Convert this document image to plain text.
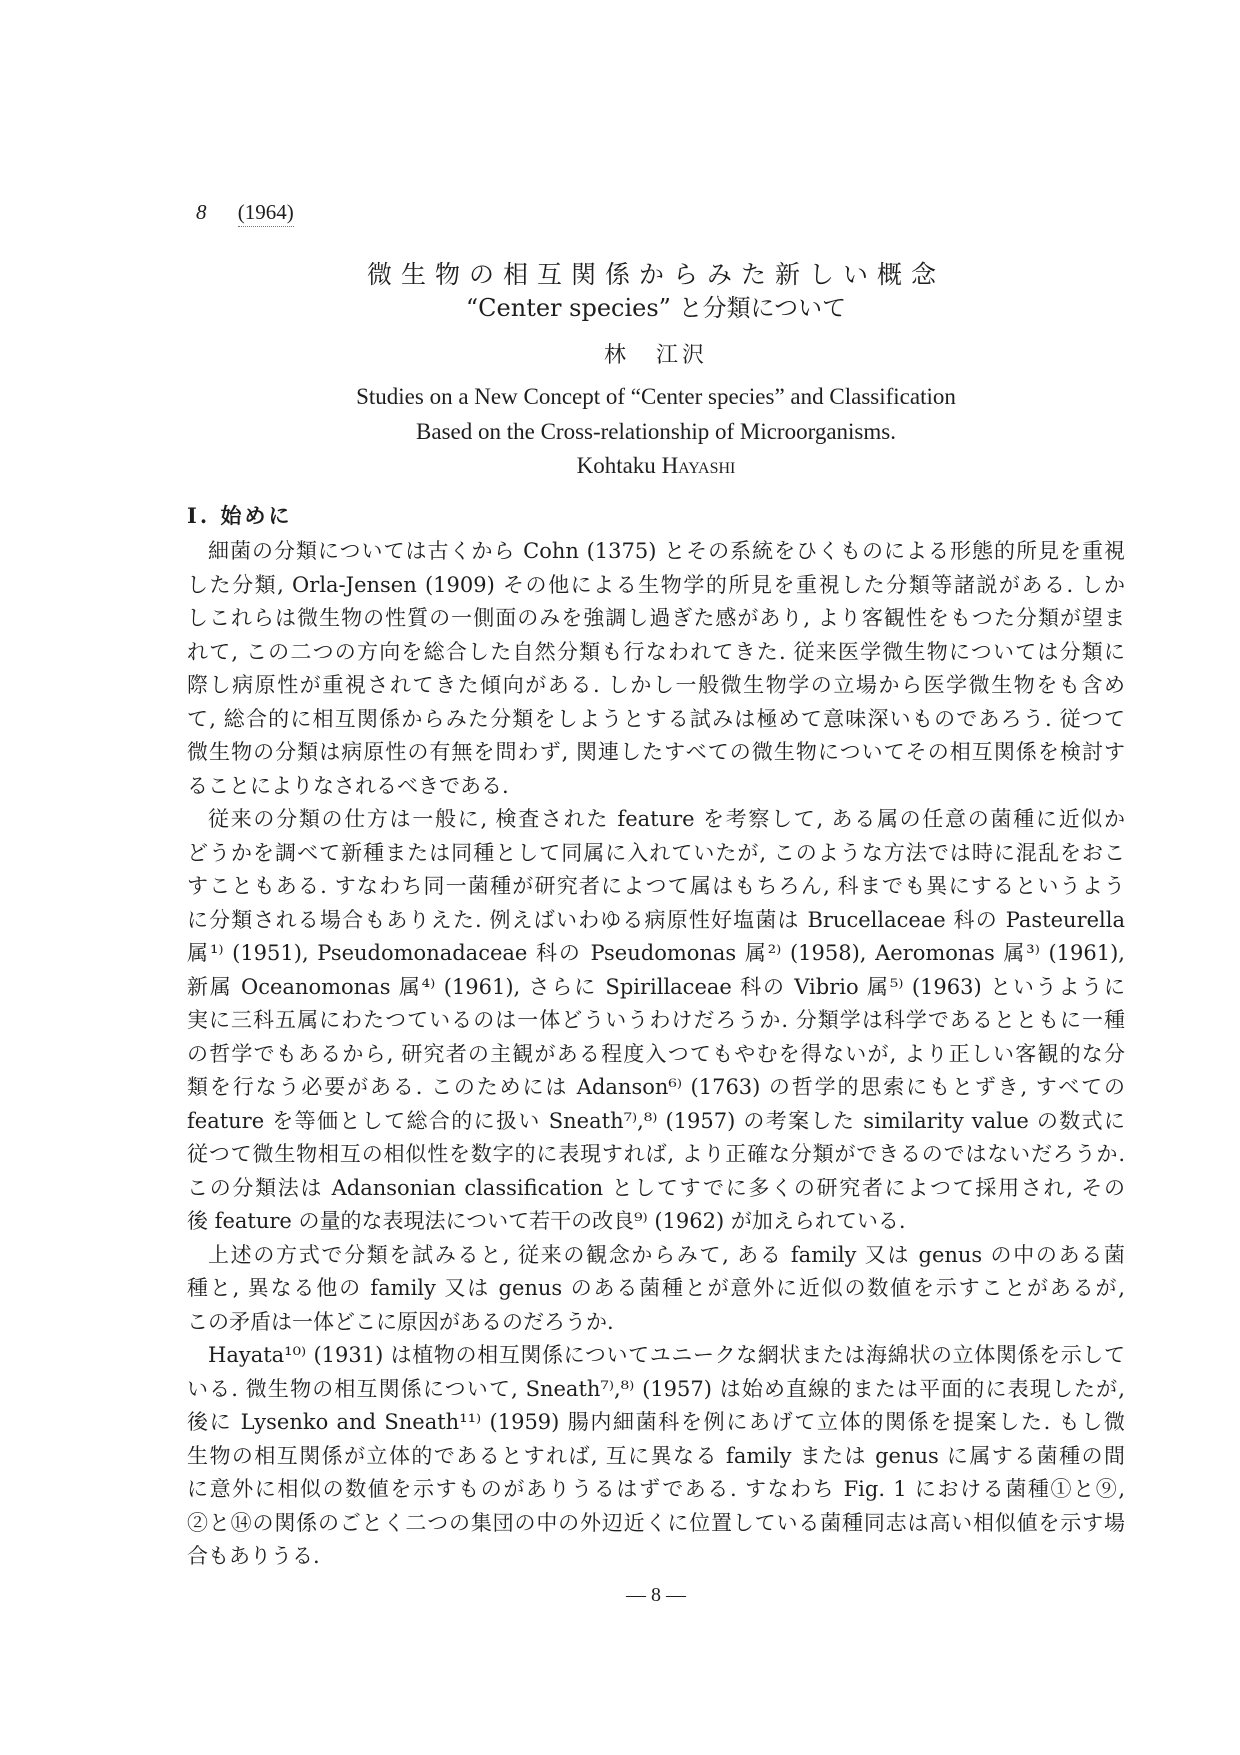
8 (1964)
微生物の相互関係からみた新しい概念
“Center species” と分類について
林　江沢
Studies on a New Concept of “Center species” and Classification
Based on the Cross-relationship of Microorganisms.
Kohtaku Hayashi
I. 始めに
細菌の分類については古くから Cohn (1375) とその系統をひくものによる形態的所見を重視
した分類, Orla-Jensen (1909) その他による生物学的所見を重視した分類等諸説がある. しか
しこれらは微生物の性質の一側面のみを強調し過ぎた感があり, より客観性をもつた分類が望ま
れて, この二つの方向を総合した自然分類も行なわれてきた. 従来医学微生物については分類に
際し病原性が重視されてきた傾向がある. しかし一般微生物学の立場から医学微生物をも含め
て, 総合的に相互関係からみた分類をしようとする試みは極めて意味深いものであろう. 従つて
微生物の分類は病原性の有無を問わず, 関連したすべての微生物についてその相互関係を検討す
ることによりなされるべきである.
従来の分類の仕方は一般に, 検査された feature を考察して, ある属の任意の菌種に近似か
どうかを調べて新種または同種として同属に入れていたが, このような方法では時に混乱をおこ
すこともある. すなわち同一菌種が研究者によつて属はもちろん, 科までも異にするというよう
に分類される場合もありえた. 例えばいわゆる病原性好塩菌は Brucellaceae 科の Pasteurella
属¹⁾ (1951), Pseudomonadaceae 科の Pseudomonas 属²⁾ (1958), Aeromonas 属³⁾ (1961),
新属 Oceanomonas 属⁴⁾ (1961), さらに Spirillaceae 科の Vibrio 属⁵⁾ (1963) というように
実に三科五属にわたつているのは一体どういうわけだろうか. 分類学は科学であるとともに一種
の哲学でもあるから, 研究者の主観がある程度入つてもやむを得ないが, より正しい客観的な分
類を行なう必要がある. このためには Adanson⁶⁾ (1763) の哲学的思索にもとずき, すべての
feature を等価として総合的に扱い Sneath⁷⁾,⁸⁾ (1957) の考案した similarity value の数式に
従つて微生物相互の相似性を数字的に表現すれば, より正確な分類ができるのではないだろうか.
この分類法は Adansonian classification としてすでに多くの研究者によつて採用され, その
後 feature の量的な表現法について若干の改良⁹⁾ (1962) が加えられている.
上述の方式で分類を試みると, 従来の観念からみて, ある family 又は genus の中のある菌
種と, 異なる他の family 又は genus のある菌種とが意外に近似の数値を示すことがあるが,
この矛盾は一体どこに原因があるのだろうか.
Hayata¹⁰⁾ (1931) は植物の相互関係についてユニークな網状または海綿状の立体関係を示して
いる. 微生物の相互関係について, Sneath⁷⁾,⁸⁾ (1957) は始め直線的または平面的に表現したが,
後に Lysenko and Sneath¹¹⁾ (1959) 腸内細菌科を例にあげて立体的関係を提案した. もし微
生物の相互関係が立体的であるとすれば, 互に異なる family または genus に属する菌種の間
に意外に相似の数値を示すものがありうるはずである. すなわち Fig. 1 における菌種①と⑨,
②と⑭の関係のごとく二つの集団の中の外辺近くに位置している菌種同志は高い相似値を示す場
合もありうる.
— 8 —
